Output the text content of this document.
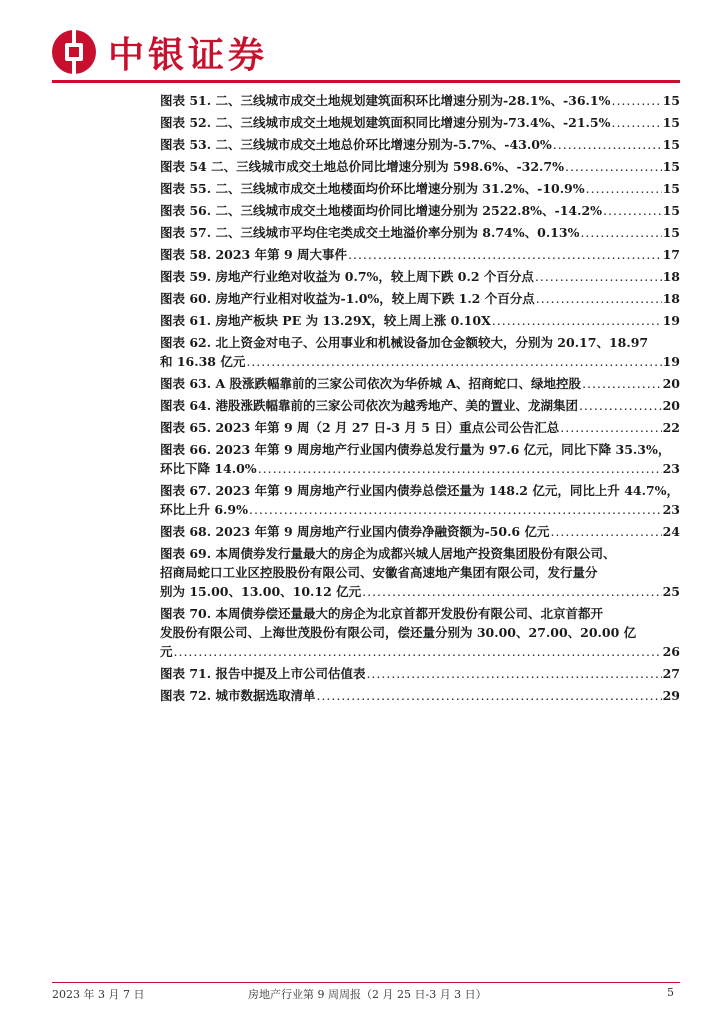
中银证券
图表 51. 二、三线城市成交土地规划建筑面积环比增速分别为-28.1%、-36.1% .....	15
图表 52. 二、三线城市成交土地规划建筑面积同比增速分别为-73.4%、-21.5% .....	15
图表 53. 二、三线城市成交土地总价环比增速分别为-5.7%、-43.0% .....	15
图表 54 二、三线城市成交土地总价同比增速分别为 598.6%、-32.7% .....	15
图表 55. 二、三线城市成交土地楼面均价环比增速分别为 31.2%、-10.9% .....	15
图表 56. 二、三线城市成交土地楼面均价同比增速分别为 2522.8%、-14.2% .....	15
图表 57. 二、三线城市平均住宅类成交土地溢价率分别为 8.74%、0.13% .....	15
图表 58. 2023 年第 9 周大事件 .....	17
图表 59. 房地产行业绝对收益为 0.7%，较上周下跌 0.2 个百分点 .....	18
图表 60. 房地产行业相对收益为-1.0%，较上周下跌 1.2 个百分点 .....	18
图表 61. 房地产板块 PE 为 13.29X，较上周上涨 0.10X .....	19
图表 62. 北上资金对电子、公用事业和机械设备加仓金额较大，分别为 20.17、18.97
和 16.38 亿元 .....	19
图表 63. A 股涨跌幅靠前的三家公司依次为华侨城 A、招商蛇口、绿地控股 .....	20
图表 64. 港股涨跌幅靠前的三家公司依次为越秀地产、美的置业、龙湖集团 .....	20
图表 65. 2023 年第 9 周（2 月 27 日-3 月 5 日）重点公司公告汇总 .....	22
图表 66. 2023 年第 9 周房地产行业国内债券总发行量为 97.6 亿元，同比下降 35.3%，
环比下降 14.0% .....	23
图表 67. 2023 年第 9 周房地产行业国内债券总偿还量为 148.2 亿元，同比上升 44.7%，
环比上升 6.9% .....	23
图表 68. 2023 年第 9 周房地产行业国内债券净融资额为-50.6 亿元 .....	24
图表 69. 本周债券发行量最大的房企为成都兴城人居地产投资集团股份有限公司、
招商局蛇口工业区控股股份有限公司、安徽省高速地产集团有限公司，发行量分
别为 15.00、13.00、10.12 亿元 .....	25
图表 70. 本周债券偿还量最大的房企为北京首都开发股份有限公司、北京首都开
发股份有限公司、上海世茂股份有限公司，偿还量分别为 30.00、27.00、20.00 亿
元 .....	26
图表 71. 报告中提及上市公司估值表 .....	27
图表 72. 城市数据选取清单 .....	29
2023 年 3 月 7 日	房地产行业第 9 周周报（2 月 25 日-3 月 3 日）	5
